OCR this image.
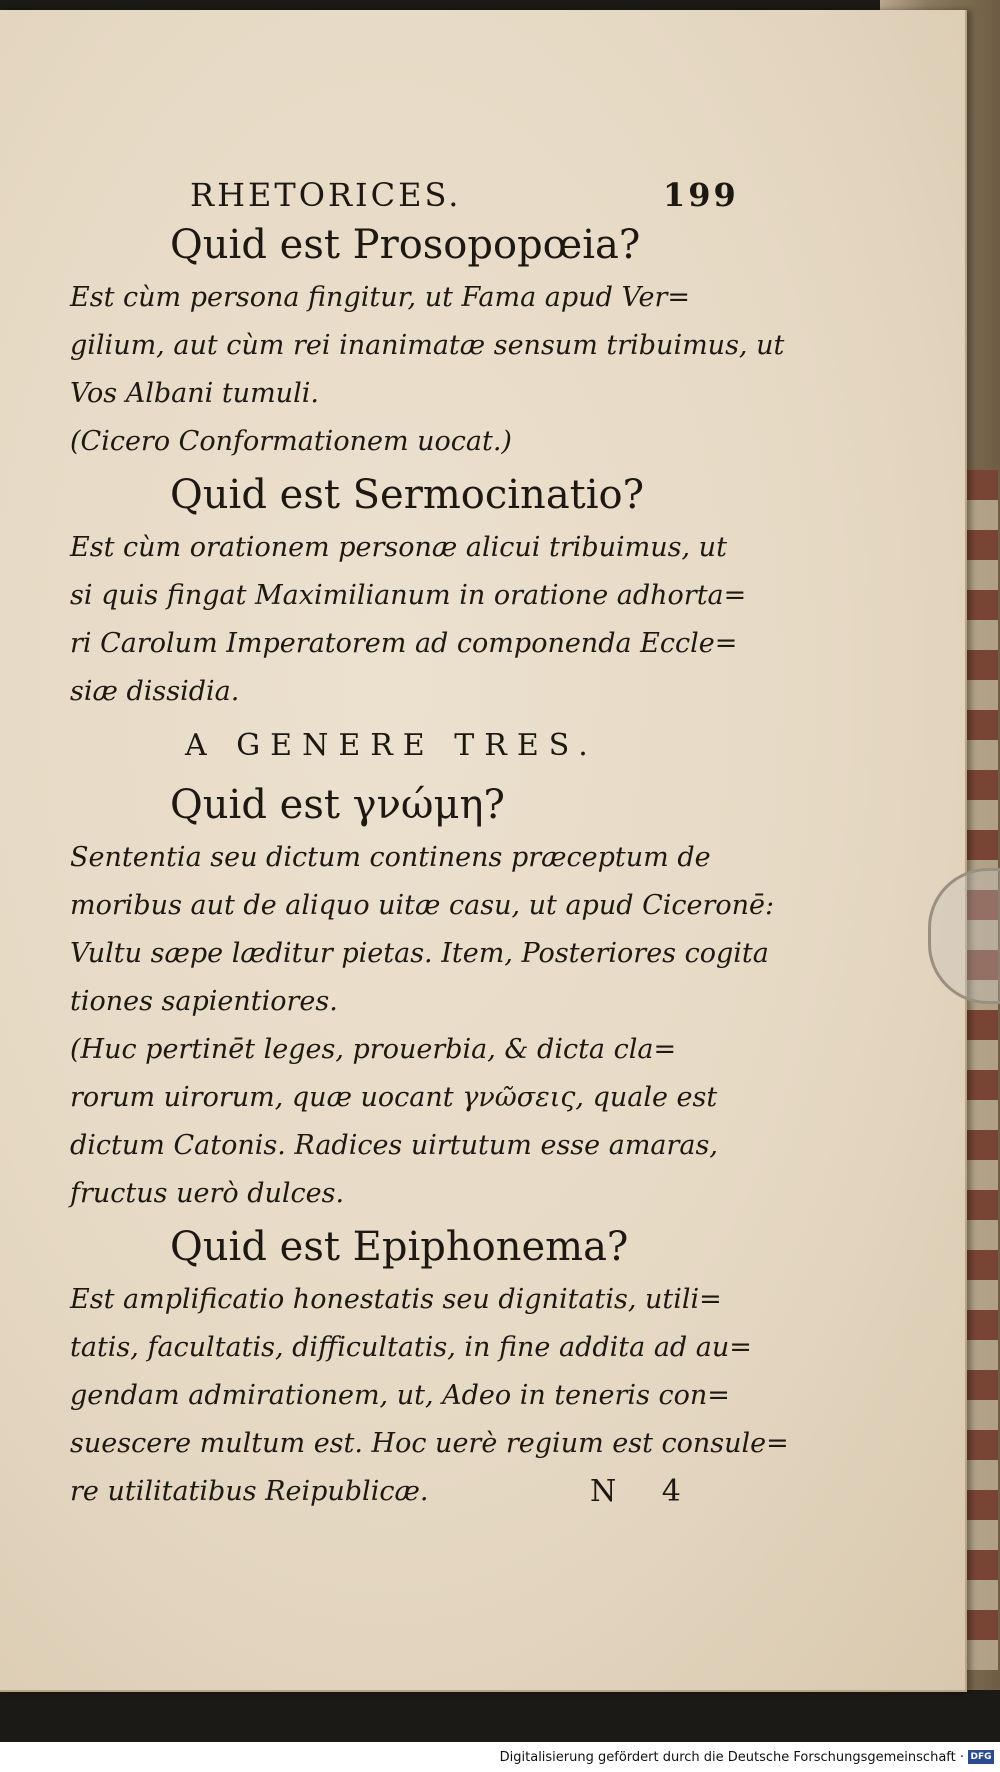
RHETORICES.	199
Quid est Prosopopœia?

Est cùm persona fingitur, ut Fama apud Ver=
gilium, aut cùm rei inanimatæ sensum tribuimus, ut
Vos Albani tumuli.

(Cicero Conformationem uocat.)

Quid est Sermocinatio?

Est cùm orationem personæ alicui tribuimus, ut
si quis fingat Maximilianum in oratione adhorta=
ri Carolum Imperatorem ad componenda Eccle=
siæ dissidia.

A GENERE TRES.
Quid est γνώμη?

Sententia seu dictum continens præceptum de
moribus aut de aliquo uitæ casu, ut apud Ciceronē:
Vultu sæpe læditur pietas. Item, Posteriores cogita
tiones sapientiores.

(Huc pertinēt leges, prouerbia, & dicta cla=
rorum uirorum, quæ uocant γνῶσεις, quale est
dictum Catonis. Radices uirtutum esse amaras,
fructus uerò dulces.

Quid est Epiphonema?

Est amplificatio honestatis seu dignitatis, utili=
tatis, facultatis, difficultatis, in fine addita ad au=
gendam admirationem, ut, Adeo in teneris con=
suescere multum est. Hoc uerè regium est consule=
re utilitatibus Reipublicæ.	N 4

Digitalisierung gefördert durch die Deutsche Forschungsgemeinschaft · DFG
